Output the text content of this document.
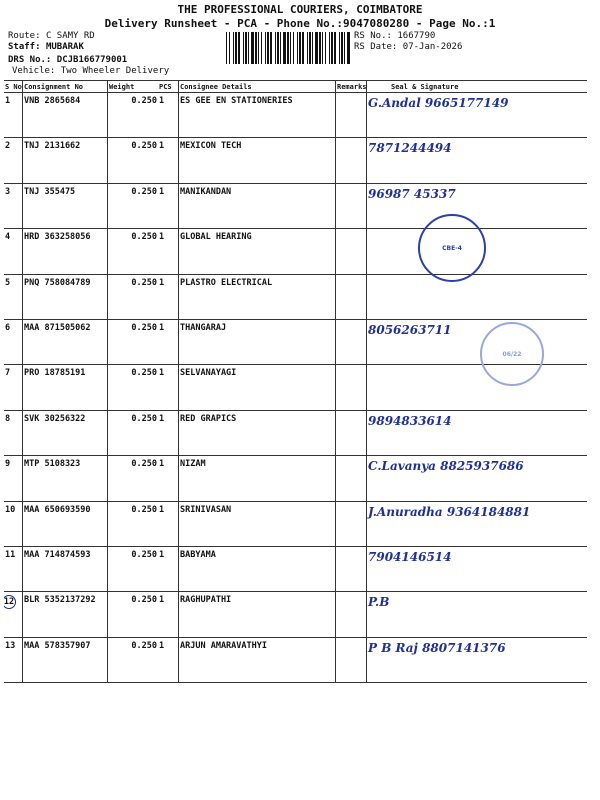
THE PROFESSIONAL COURIERS, COIMBATORE
Delivery Runsheet - PCA - Phone No.:9047080280 - Page No.:1
Route: C SAMY RD
Staff: MUBARAK
DRS No.: DCJB166779001
Vehicle: Two Wheeler Delivery
RS No.: 1667790
RS Date: 07-Jan-2026
S No	Consignment No	Weight	PCS	Consignee Details	Remarks	Seal & Signature
1	VNB 2865684	0.250	1	ES GEE EN STATIONERIES		G.Andal 9665177149
2	TNJ 2131662	0.250	1	MEXICON TECH		7871244494
3	TNJ 355475	0.250	1	MANIKANDAN		96987 45337
4	HRD 363258056	0.250	1	GLOBAL HEARING		
5	PNQ 758084789	0.250	1	PLASTRO ELECTRICAL		
6	MAA 871505062	0.250	1	THANGARAJ		8056263711
7	PRO 18785191	0.250	1	SELVANAYAGI		
8	SVK 30256322	0.250	1	RED GRAPICS		9894833614
9	MTP 5108323	0.250	1	NIZAM		C.Lavanya 8825937686
10	MAA 650693590	0.250	1	SRINIVASAN		J.Anuradha 9364184881
11	MAA 714874593	0.250	1	BABYAMA		7904146514
12	BLR 5352137292	0.250	1	RAGHUPATHI		P.B
13	MAA 578357907	0.250	1	ARJUN AMARAVATHYI		P B Raj 8807141376
CBE-4
06/22
